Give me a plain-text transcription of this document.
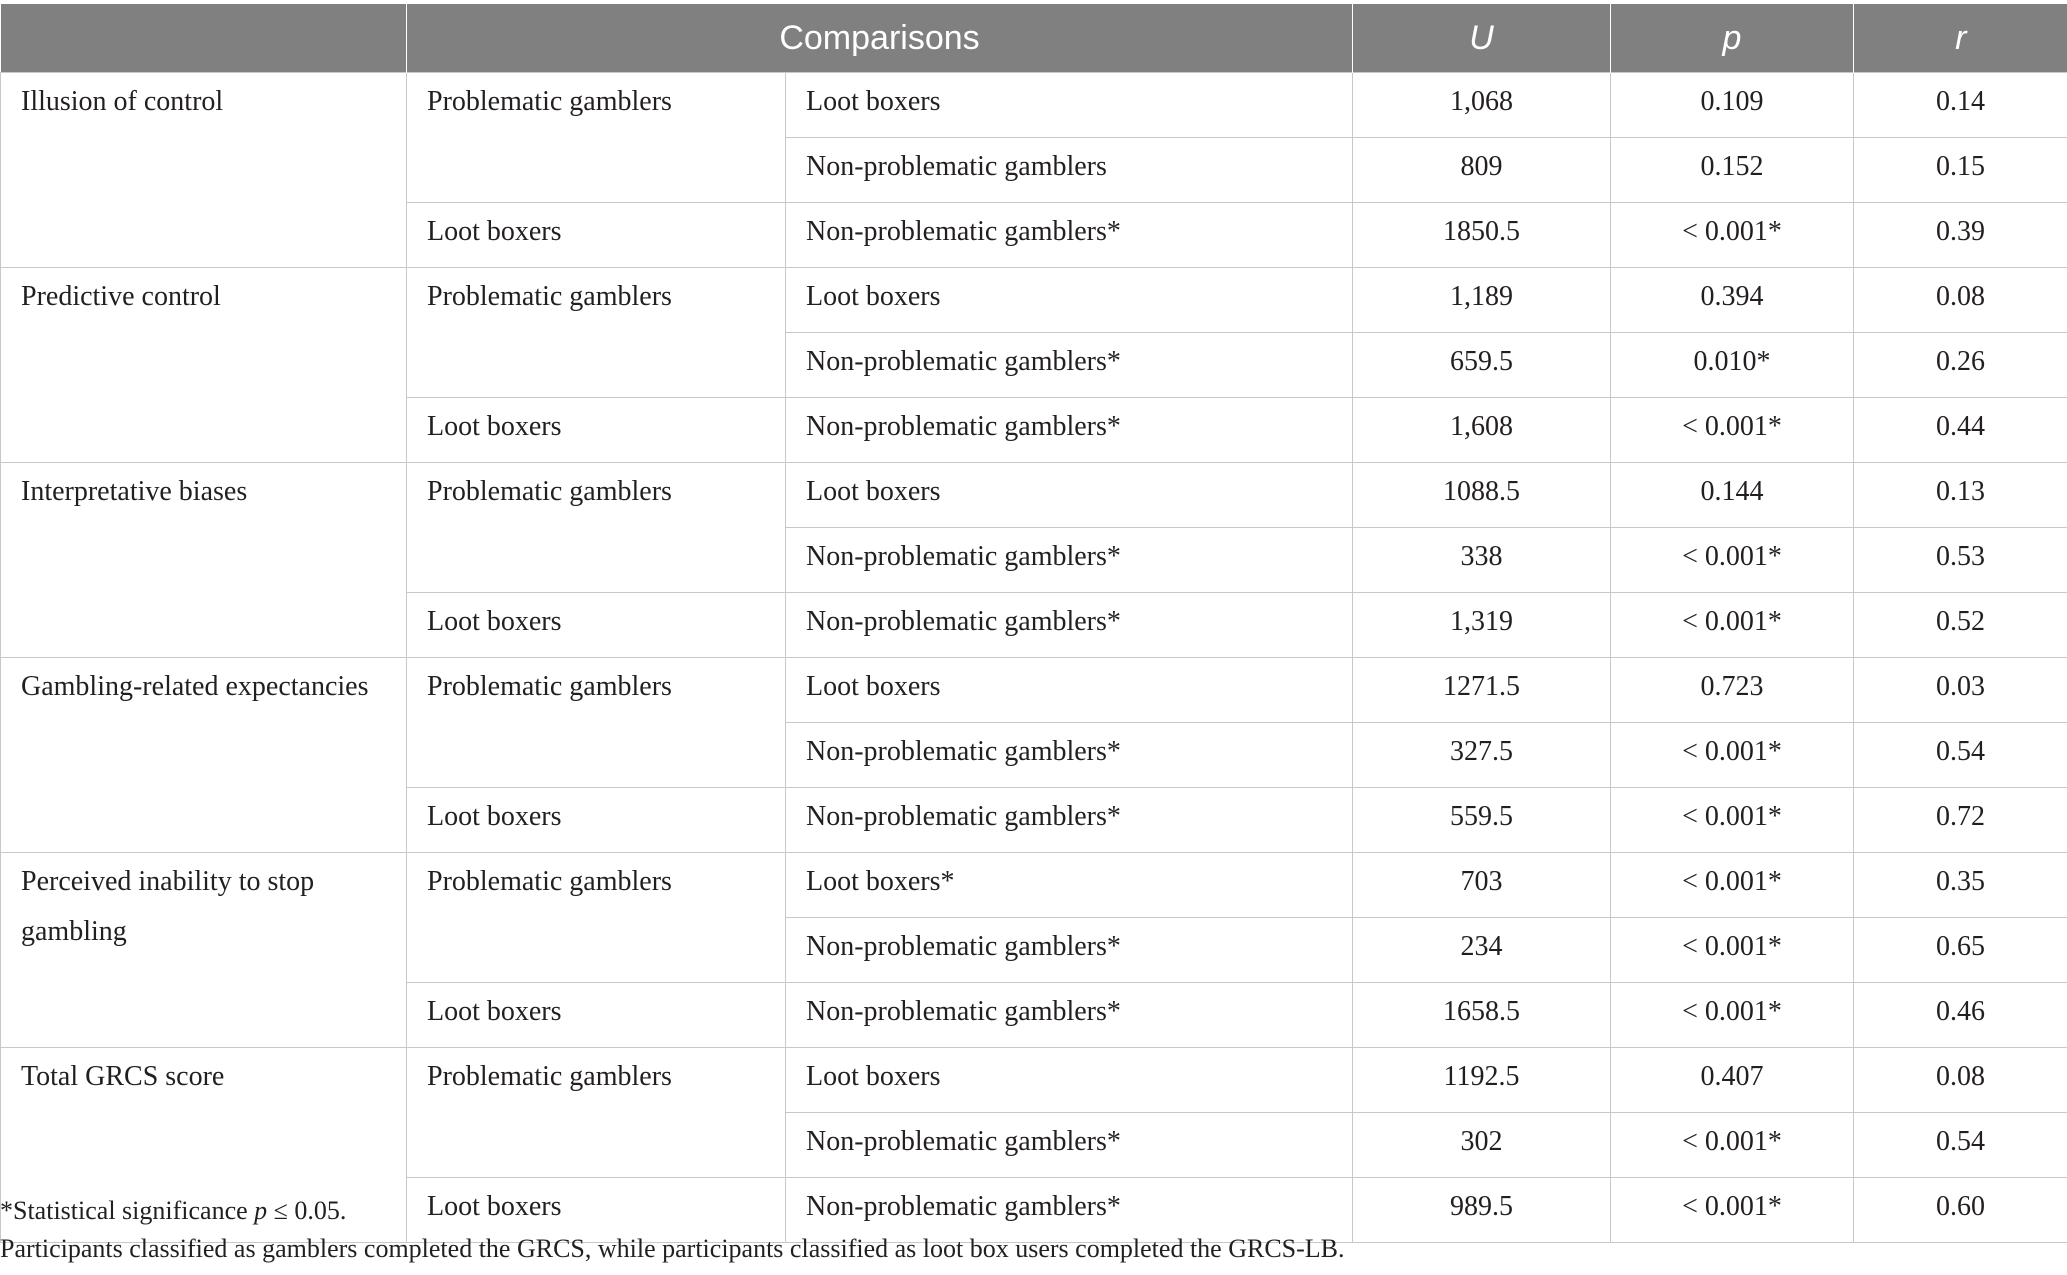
	Comparisons		U	p	r

Illusion of control	Problematic gamblers	Loot boxers	1,068	0.109	0.14
		Non-problematic gamblers	809	0.152	0.15
	Loot boxers	Non-problematic gamblers*	1850.5	< 0.001*	0.39

Predictive control	Problematic gamblers	Loot boxers	1,189	0.394	0.08
		Non-problematic gamblers*	659.5	0.010*	0.26
	Loot boxers	Non-problematic gamblers*	1,608	< 0.001*	0.44

Interpretative biases	Problematic gamblers	Loot boxers	1088.5	0.144	0.13
		Non-problematic gamblers*	338	< 0.001*	0.53
	Loot boxers	Non-problematic gamblers*	1,319	< 0.001*	0.52

Gambling-related expectancies	Problematic gamblers	Loot boxers	1271.5	0.723	0.03
		Non-problematic gamblers*	327.5	< 0.001*	0.54
	Loot boxers	Non-problematic gamblers*	559.5	< 0.001*	0.72

Perceived inability to stop gambling	Problematic gamblers	Loot boxers*	703	< 0.001*	0.35
		Non-problematic gamblers*	234	< 0.001*	0.65
	Loot boxers	Non-problematic gamblers*	1658.5	< 0.001*	0.46

Total GRCS score	Problematic gamblers	Loot boxers	1192.5	0.407	0.08
		Non-problematic gamblers*	302	< 0.001*	0.54
	Loot boxers	Non-problematic gamblers*	989.5	< 0.001*	0.60
*Statistical significance p ≤ 0.05.
Participants classified as gamblers completed the GRCS, while participants classified as loot box users completed the GRCS-LB.
